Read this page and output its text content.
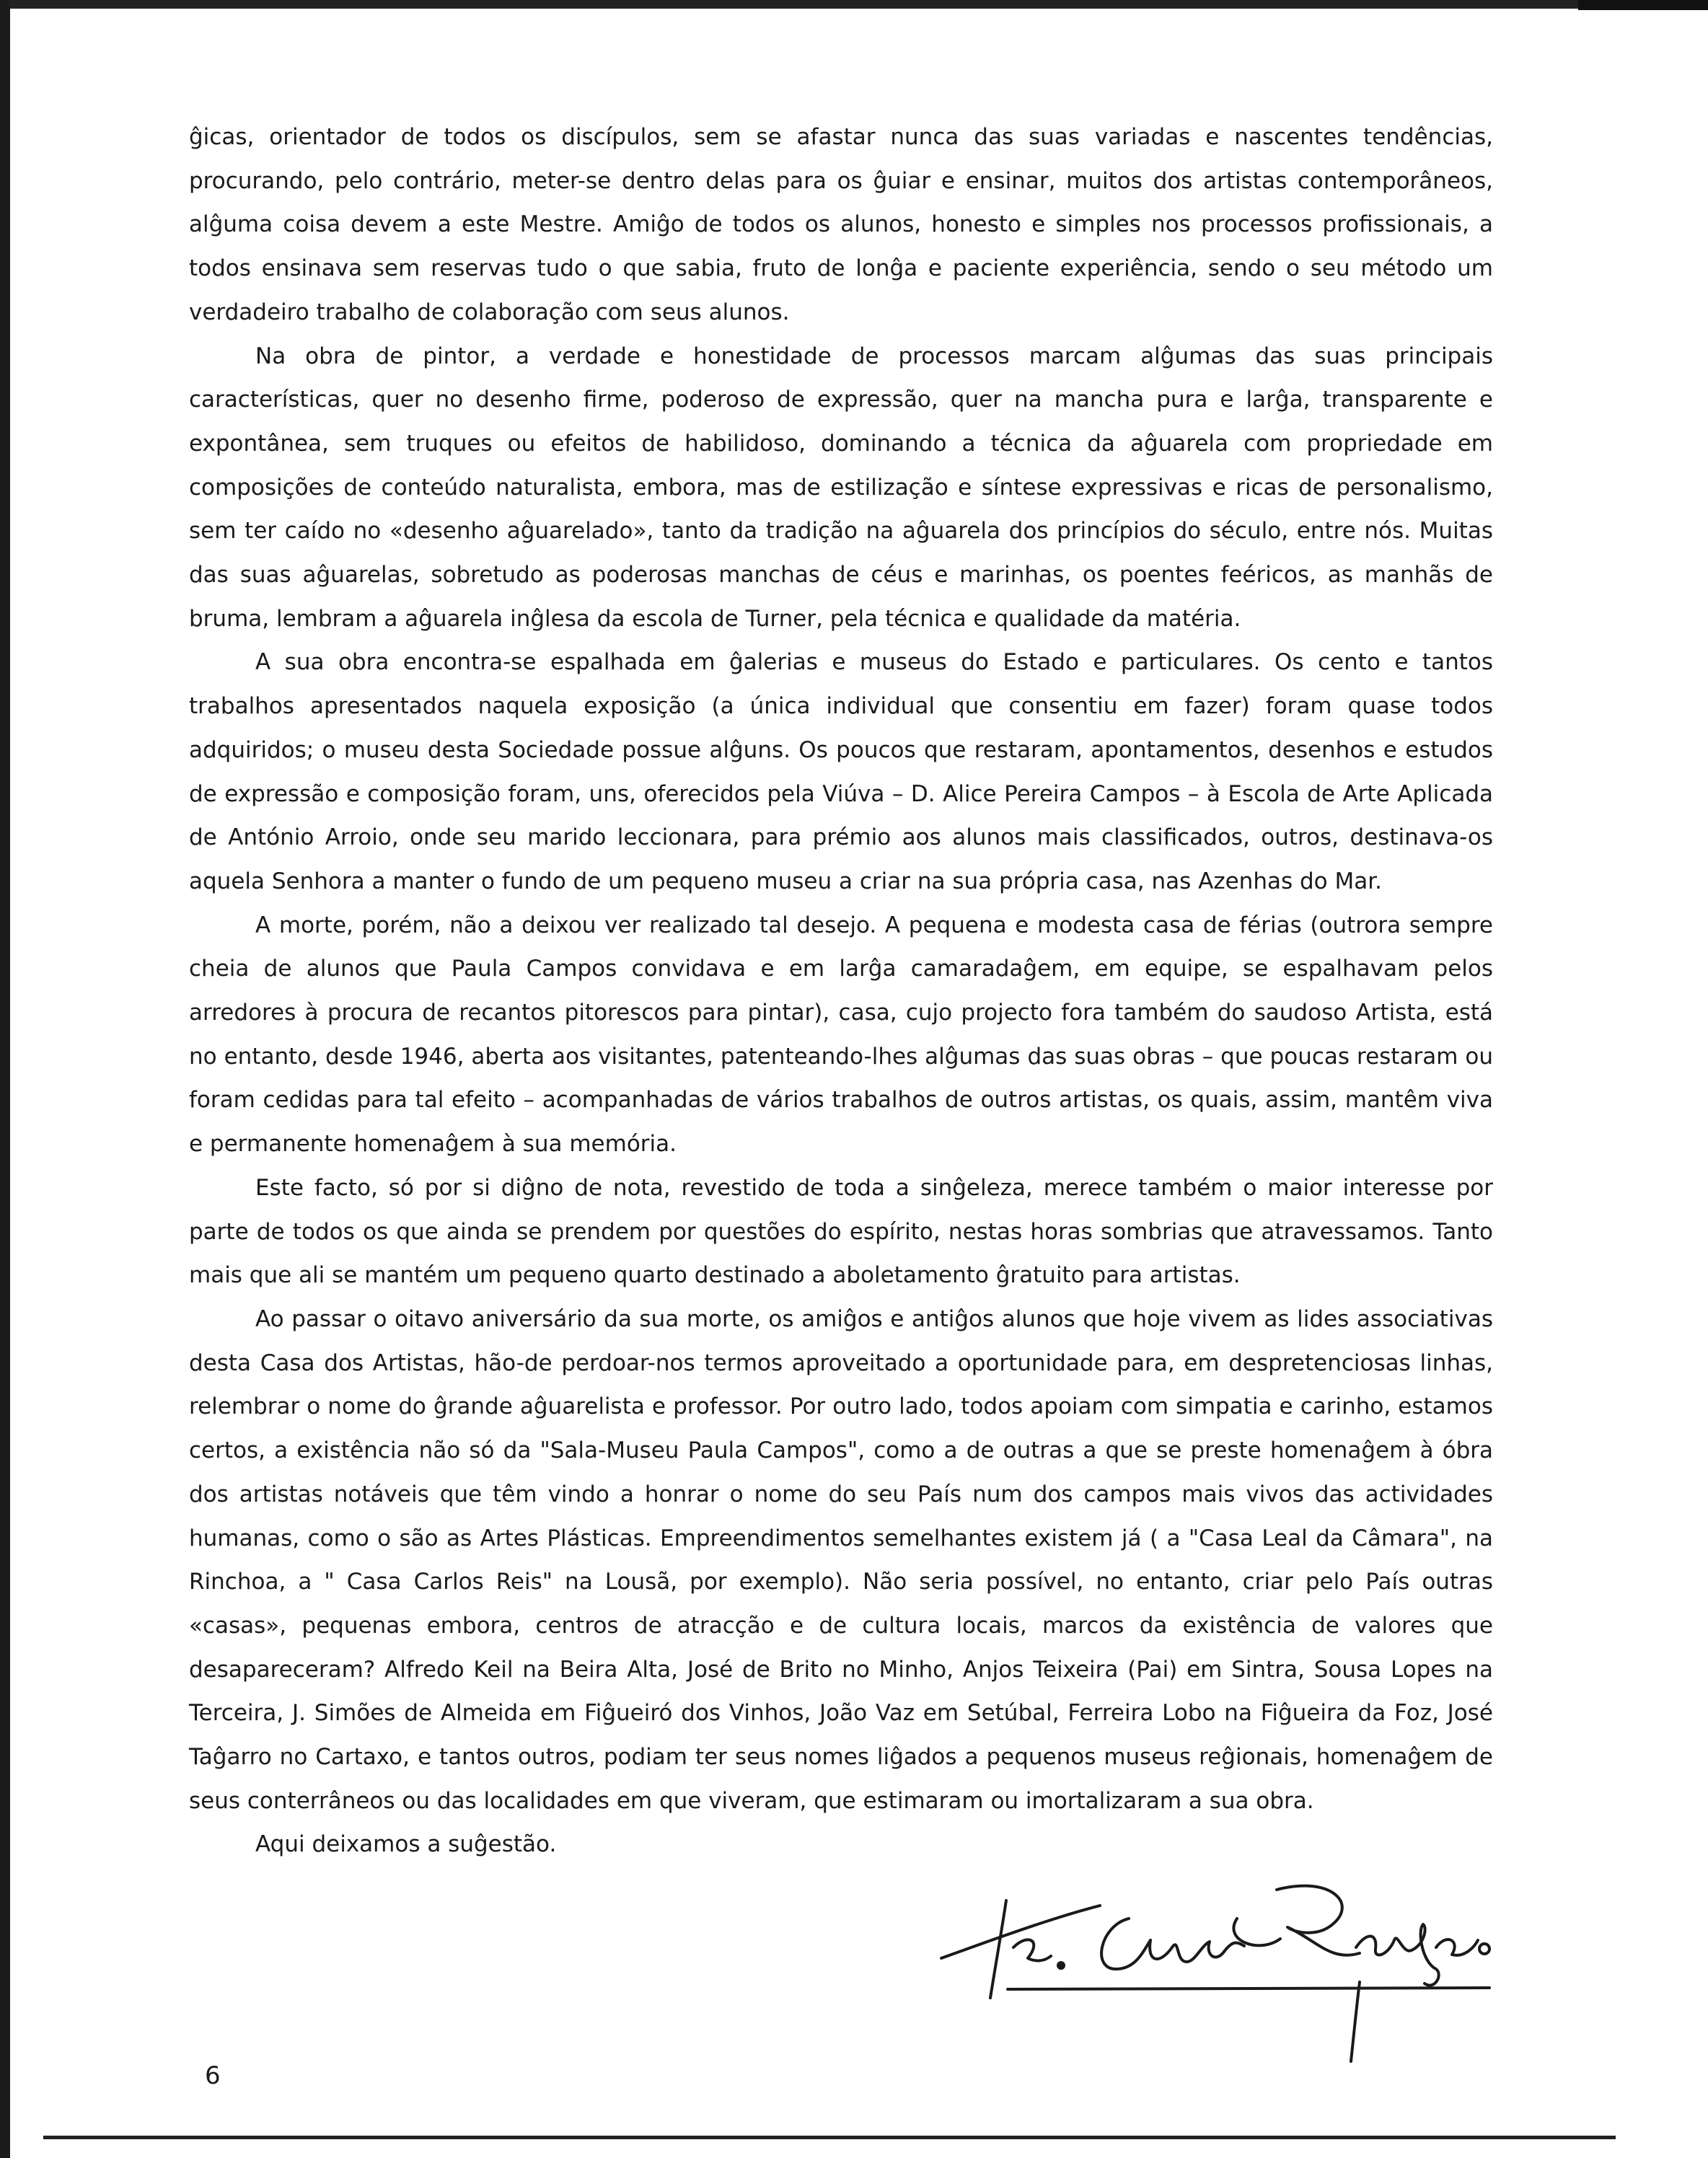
ĝicas, orientador de todos os discípulos, sem se afastar nunca das suas variadas e nascentes tendências, procurando, pelo contrário, meter-se dentro delas para os ĝuiar e ensinar, muitos dos artistas contemporâneos, alĝuma coisa devem a este Mestre. Amiĝo de todos os alunos, honesto e simples nos processos profissionais, a todos ensinava sem reservas tudo o que sabia, fruto de lonĝa e paciente experiência, sendo o seu método um verdadeiro trabalho de colaboração com seus alunos.

Na obra de pintor, a verdade e honestidade de processos marcam alĝumas das suas principais características, quer no desenho firme, poderoso de expressão, quer na mancha pura e larĝa, transparente e expontânea, sem truques ou efeitos de habilidoso, dominando a técnica da aĝuarela com propriedade em composições de conteúdo naturalista, embora, mas de estilização e síntese expressivas e ricas de personalismo, sem ter caído no «desenho aĝuarelado», tanto da tradição na aĝuarela dos princípios do século, entre nós. Muitas das suas aĝuarelas, sobretudo as poderosas manchas de céus e marinhas, os poentes feéricos, as manhãs de bruma, lembram a aĝuarela inĝlesa da escola de Turner, pela técnica e qualidade da matéria.

A sua obra encontra-se espalhada em ĝalerias e museus do Estado e particulares. Os cento e tantos trabalhos apresentados naquela exposição (a única individual que consentiu em fazer) foram quase todos adquiridos; o museu desta Sociedade possue alĝuns. Os poucos que restaram, apontamentos, desenhos e estudos de expressão e composição foram, uns, oferecidos pela Viúva – D. Alice Pereira Campos – à Escola de Arte Aplicada de António Arroio, onde seu marido leccionara, para prémio aos alunos mais classificados, outros, destinava-os aquela Senhora a manter o fundo de um pequeno museu a criar na sua própria casa, nas Azenhas do Mar.

A morte, porém, não a deixou ver realizado tal desejo. A pequena e modesta casa de férias (outrora sempre cheia de alunos que Paula Campos convidava e em larĝa camaradaĝem, em equipe, se espalhavam pelos arredores à procura de recantos pitorescos para pintar), casa, cujo projecto fora também do saudoso Artista, está no entanto, desde 1946, aberta aos visitantes, patenteando-lhes alĝumas das suas obras – que poucas restaram ou foram cedidas para tal efeito – acompanhadas de vários trabalhos de outros artistas, os quais, assim, mantêm viva e permanente homenaĝem à sua memória.

Este facto, só por si diĝno de nota, revestido de toda a sinĝeleza, merece também o maior interesse por parte de todos os que ainda se prendem por questões do espírito, nestas horas sombrias que atravessamos. Tanto mais que ali se mantém um pequeno quarto destinado a aboletamento ĝratuito para artistas.

Ao passar o oitavo aniversário da sua morte, os amiĝos e antiĝos alunos que hoje vivem as lides associativas desta Casa dos Artistas, hão-de perdoar-nos termos aproveitado a oportunidade para, em despretenciosas linhas, relembrar o nome do ĝrande aĝuarelista e professor. Por outro lado, todos apoiam com simpatia e carinho, estamos certos, a existência não só da "Sala-Museu Paula Campos", como a de outras a que se preste homenaĝem à óbra dos artistas notáveis que têm vindo a honrar o nome do seu País num dos campos mais vivos das actividades humanas, como o são as Artes Plásticas. Empreendimentos semelhantes existem já ( a "Casa Leal da Câmara", na Rinchoa, a " Casa Carlos Reis" na Lousã, por exemplo). Não seria possível, no entanto, criar pelo País outras «casas», pequenas embora, centros de atracção e de cultura locais, marcos da existência de valores que desapareceram? Alfredo Keil na Beira Alta, José de Brito no Minho, Anjos Teixeira (Pai) em Sintra, Sousa Lopes na Terceira, J. Simões de Almeida em Fiĝueiró dos Vinhos, João Vaz em Setúbal, Ferreira Lobo na Fiĝueira da Foz, José Taĝarro no Cartaxo, e tantos outros, podiam ter seus nomes liĝados a pequenos museus reĝionais, homenaĝem de seus conterrâneos ou das localidades em que viveram, que estimaram ou imortalizaram a sua obra.

Aqui deixamos a suĝestão.

6
